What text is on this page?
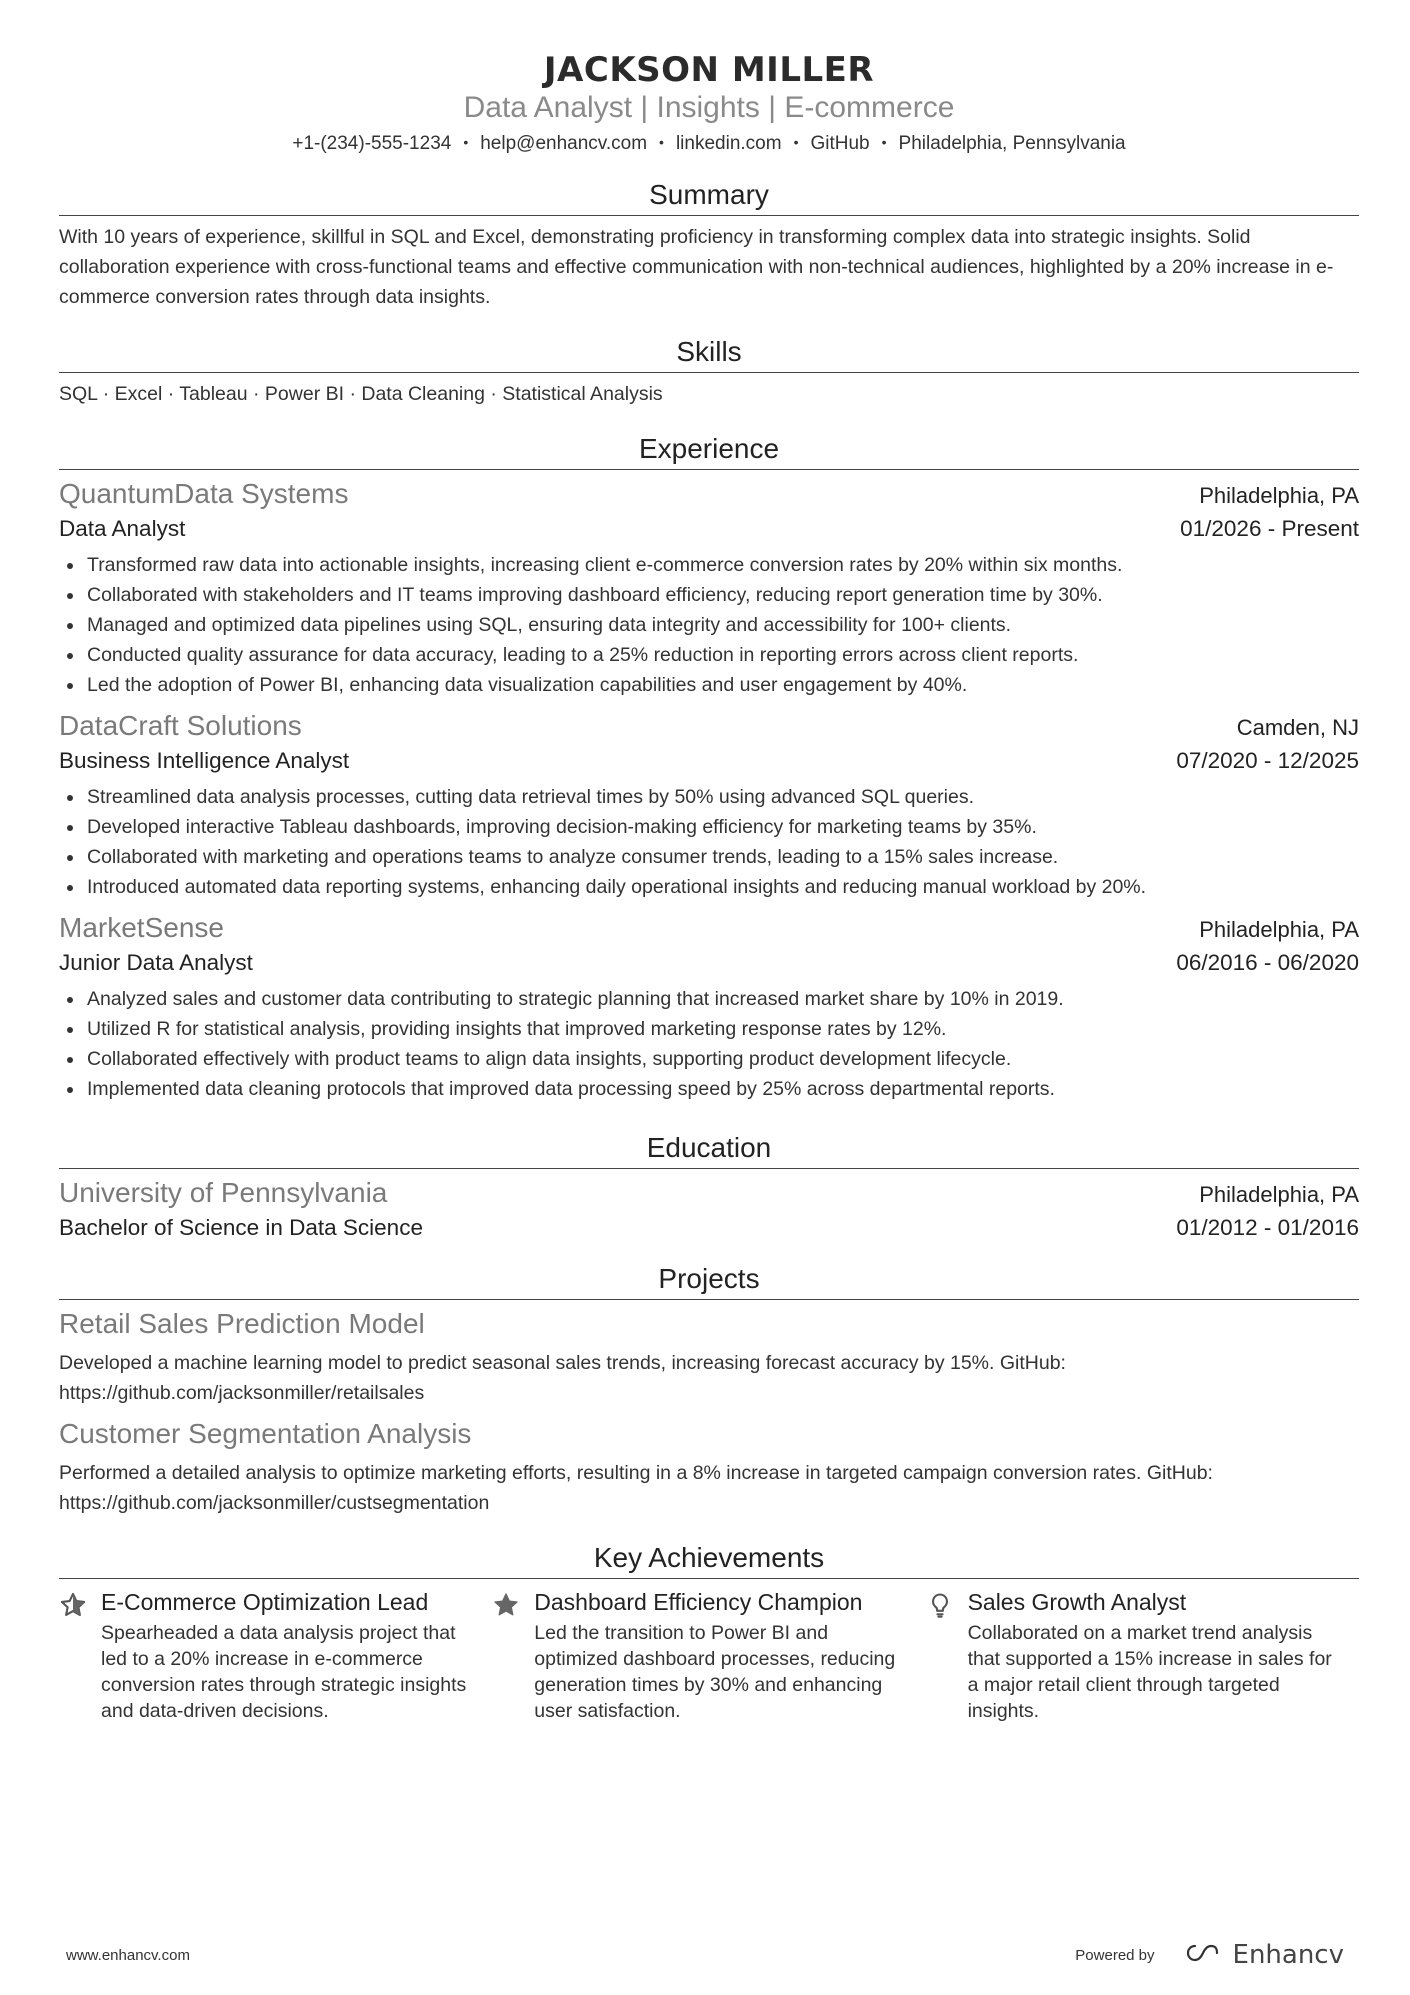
JACKSON MILLER
Data Analyst | Insights | E-commerce
+1-(234)-555-1234 • help@enhancv.com • linkedin.com • GitHub • Philadelphia, Pennsylvania
Summary
With 10 years of experience, skillful in SQL and Excel, demonstrating proficiency in transforming complex data into strategic insights. Solid collaboration experience with cross-functional teams and effective communication with non-technical audiences, highlighted by a 20% increase in e-commerce conversion rates through data insights.
Skills
SQL · Excel · Tableau · Power BI · Data Cleaning · Statistical Analysis
Experience
QuantumData Systems	Philadelphia, PA
Data Analyst	01/2026 - Present
Transformed raw data into actionable insights, increasing client e-commerce conversion rates by 20% within six months.
Collaborated with stakeholders and IT teams improving dashboard efficiency, reducing report generation time by 30%.
Managed and optimized data pipelines using SQL, ensuring data integrity and accessibility for 100+ clients.
Conducted quality assurance for data accuracy, leading to a 25% reduction in reporting errors across client reports.
Led the adoption of Power BI, enhancing data visualization capabilities and user engagement by 40%.
DataCraft Solutions	Camden, NJ
Business Intelligence Analyst	07/2020 - 12/2025
Streamlined data analysis processes, cutting data retrieval times by 50% using advanced SQL queries.
Developed interactive Tableau dashboards, improving decision-making efficiency for marketing teams by 35%.
Collaborated with marketing and operations teams to analyze consumer trends, leading to a 15% sales increase.
Introduced automated data reporting systems, enhancing daily operational insights and reducing manual workload by 20%.
MarketSense	Philadelphia, PA
Junior Data Analyst	06/2016 - 06/2020
Analyzed sales and customer data contributing to strategic planning that increased market share by 10% in 2019.
Utilized R for statistical analysis, providing insights that improved marketing response rates by 12%.
Collaborated effectively with product teams to align data insights, supporting product development lifecycle.
Implemented data cleaning protocols that improved data processing speed by 25% across departmental reports.
Education
University of Pennsylvania	Philadelphia, PA
Bachelor of Science in Data Science	01/2012 - 01/2016
Projects
Retail Sales Prediction Model
Developed a machine learning model to predict seasonal sales trends, increasing forecast accuracy by 15%. GitHub: https://github.com/jacksonmiller/retailsales
Customer Segmentation Analysis
Performed a detailed analysis to optimize marketing efforts, resulting in a 8% increase in targeted campaign conversion rates. GitHub: https://github.com/jacksonmiller/custsegmentation
Key Achievements
E-Commerce Optimization Lead
Spearheaded a data analysis project that led to a 20% increase in e-commerce conversion rates through strategic insights and data-driven decisions.
Dashboard Efficiency Champion
Led the transition to Power BI and optimized dashboard processes, reducing generation times by 30% and enhancing user satisfaction.
Sales Growth Analyst
Collaborated on a market trend analysis that supported a 15% increase in sales for a major retail client through targeted insights.
www.enhancv.com	Powered by	Enhancv
